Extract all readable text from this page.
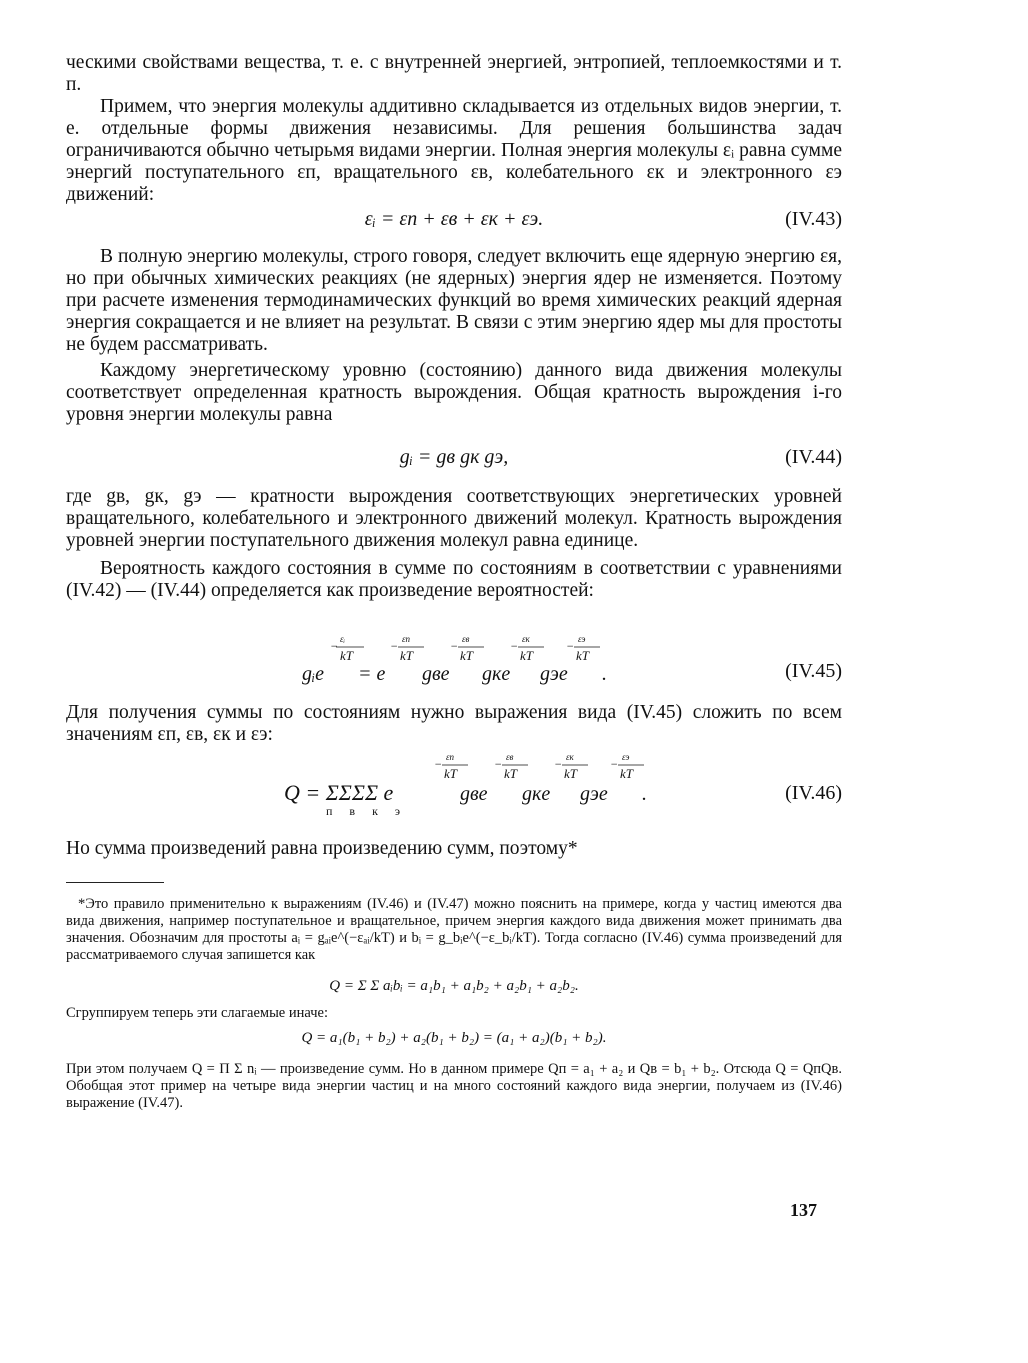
ческими свойствами вещества, т. е. с внутренней энергией, энтропией, теплоемкостями и т. п.

Примем, что энергия молекулы аддитивно складывается из отдельных видов энергии, т. е. отдельные формы движения независимы. Для решения большинства задач ограничиваются обычно четырьмя видами энергии. Полная энергия молекулы εᵢ равна сумме энергий поступательного εп, вращательного εв, колебательного εк и электронного εэ движений:

εᵢ = εп + εв + εк + εэ.	(IV.43)

В полную энергию молекулы, строго говоря, следует включить еще ядерную энергию εя, но при обычных химических реакциях (не ядерных) энергия ядер не изменяется. Поэтому при расчете изменения термодинамических функций во время химических реакций ядерная энергия сокращается и не влияет на результат. В связи с этим энергию ядер мы для простоты не будем рассматривать.

Каждому энергетическому уровню (состоянию) данного вида движения молекулы соответствует определенная кратность вырождения. Общая кратность вырождения i-го уровня энергии молекулы равна

gᵢ = gв gк gэ,	(IV.44)

где gв, gк, gэ — кратности вырождения соответствующих энергетических уровней вращательного, колебательного и электронного движений молекул. Кратность вырождения уровней энергии поступательного движения молекул равна единице.

Вероятность каждого состояния в сумме по состояниям в соответствии с уравнениями (IV.42) — (IV.44) определяется как произведение вероятностей:

εᵢ
−
kT
εп
−
kT
εв
−
kT
εк
−
kT
εэ
−
kT
gᵢe = e gвe gкe gэe .	(IV.45)

Для получения суммы по состояниям нужно выражения вида (IV.45) сложить по всем значениям εп, εв, εк и εэ:

εп
−
kT
εв
−
kT
εк
−
kT
εэ
−
kT
Q = ΣΣΣΣ e	gвe gкe gэe .
п   в   к   э
(IV.46)

Но сумма произведений равна произведению сумм, поэтому*

*Это правило применительно к выражениям (IV.46) и (IV.47) можно пояснить на примере, когда у частиц имеются два вида движения, например поступательное и вращательное, причем энергия каждого вида движения может принимать два значения. Обозначим для простоты aᵢ = gₐᵢe^(−εₐᵢ/kT) и bᵢ = g_bᵢe^(−ε_bᵢ/kT). Тогда согласно (IV.46) сумма произведений для рассматриваемого случая запишется как

Q = Σ Σ aᵢbᵢ = a₁b₁ + a₁b₂ + a₂b₁ + a₂b₂.

Сгруппируем теперь эти слагаемые иначе:

Q = a₁(b₁ + b₂) + a₂(b₁ + b₂) = (a₁ + a₂)(b₁ + b₂).

При этом получаем Q = Π Σ nᵢ — произведение сумм. Но в данном примере Qп = a₁ + a₂ и Qв = b₁ + b₂. Отсюда Q = QпQв. Обобщая этот пример на четыре вида энергии частиц и на много состояний каждого вида энергии, получаем из (IV.46) выражение (IV.47).

137
